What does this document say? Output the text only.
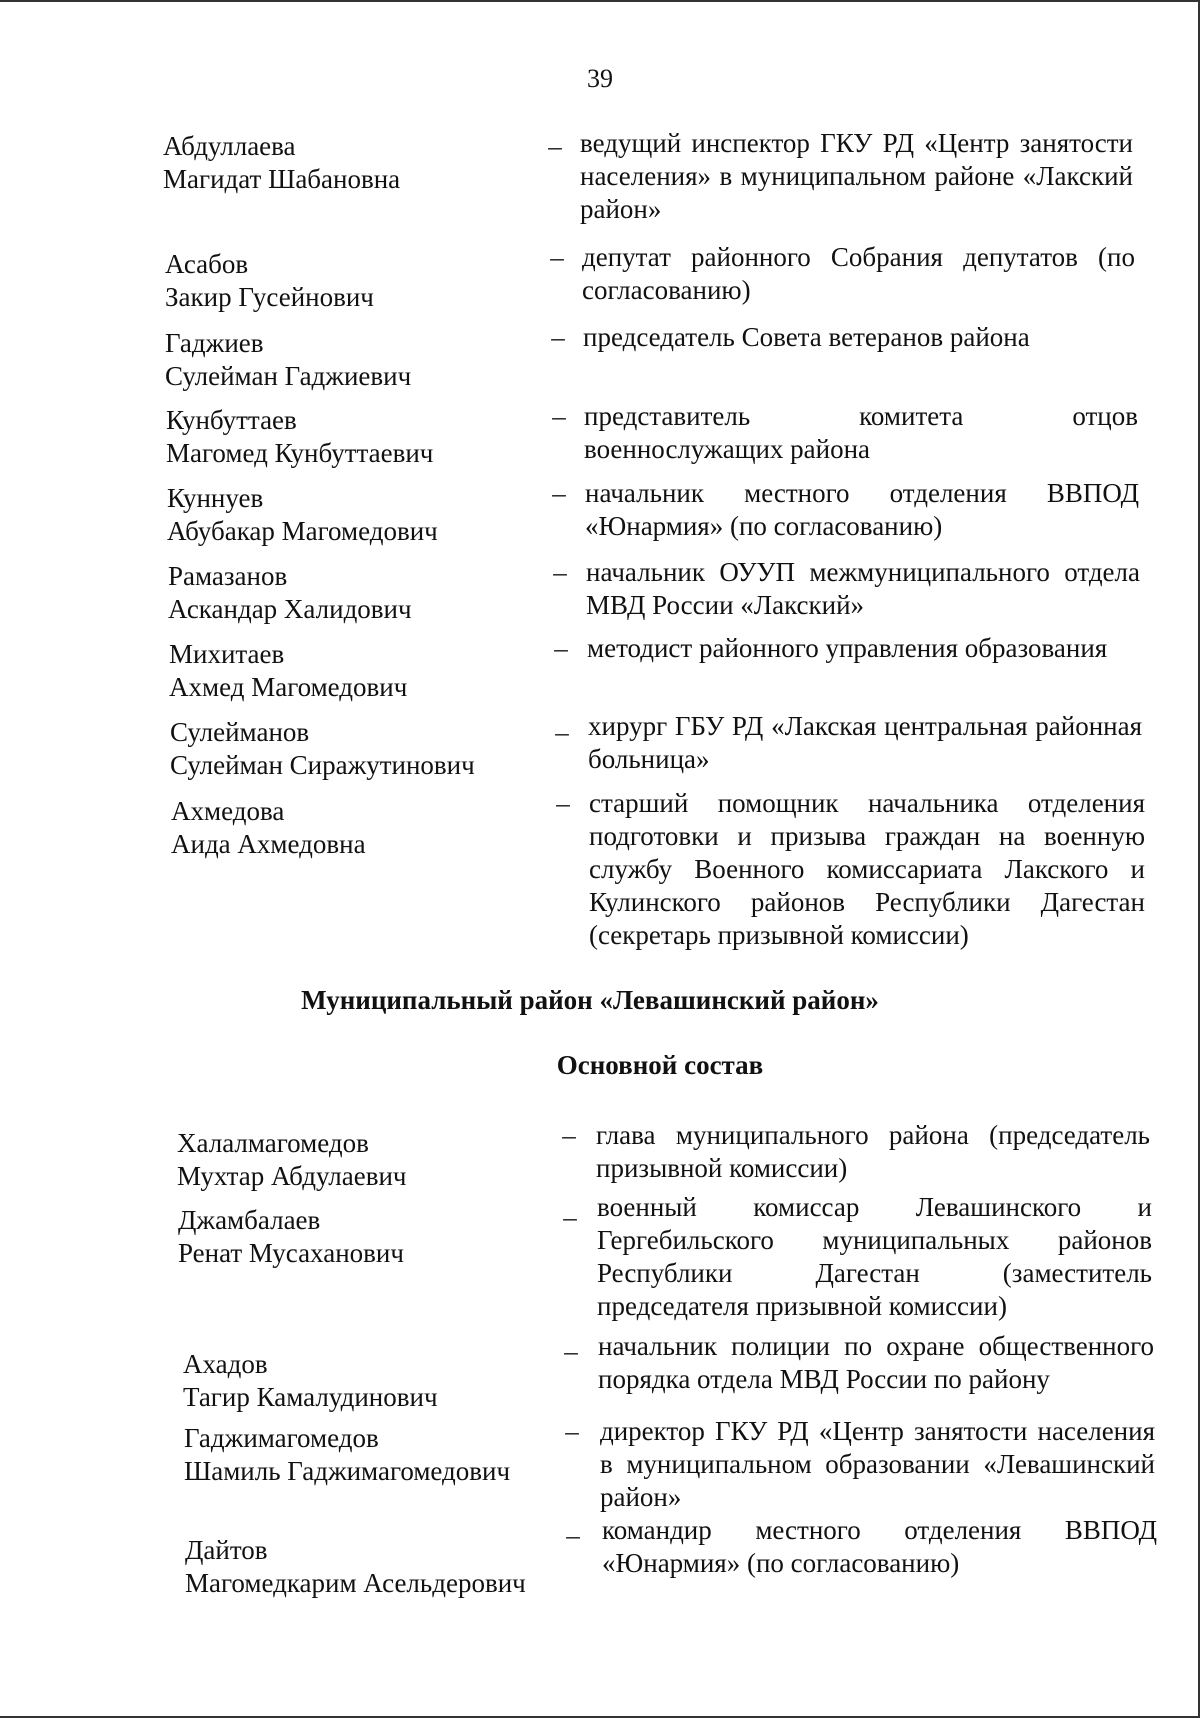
39
Абдуллаева
Магидат Шабановна
– ведущий инспектор ГКУ РД «Центр занятости населения» в муниципальном районе «Лакский район»
Асабов
Закир Гусейнович
– депутат районного Собрания депутатов (по согласованию)
Гаджиев
Сулейман Гаджиевич
– председатель Совета ветеранов района
Кунбуттаев
Магомед Кунбуттаевич
– представитель комитета отцов военнослужащих района
Куннуев
Абубакар Магомедович
– начальник местного отделения ВВПОД «Юнармия» (по согласованию)
Рамазанов
Аскандар Халидович
– начальник ОУУП межмуниципального отдела МВД России «Лакский»
Михитаев
Ахмед Магомедович
– методист районного управления образования
Сулейманов
Сулейман Сиражутинович
– хирург ГБУ РД «Лакская центральная районная больница»
Ахмедова
Аида Ахмедовна
– старший помощник начальника отделения подготовки и призыва граждан на военную службу Военного комиссариата Лакского и Кулинского районов Республики Дагестан (секретарь призывной комиссии)
Муниципальный район «Левашинский район»
Основной состав
Халалмагомедов
Мухтар Абдулаевич
– глава муниципального района (председатель призывной комиссии)
Джамбалаев
Ренат Мусаханович
– военный комиссар Левашинского и Гергебильского муниципальных районов Республики Дагестан (заместитель председателя призывной комиссии)
Ахадов
Тагир Камалудинович
– начальник полиции по охране общественного порядка отдела МВД России по району
Гаджимагомедов
Шамиль Гаджимагомедович
– директор ГКУ РД «Центр занятости населения в муниципальном образовании «Левашинский район»
Дайтов
Магомедкарим Асельдерович
– командир местного отделения ВВПОД «Юнармия» (по согласованию)
